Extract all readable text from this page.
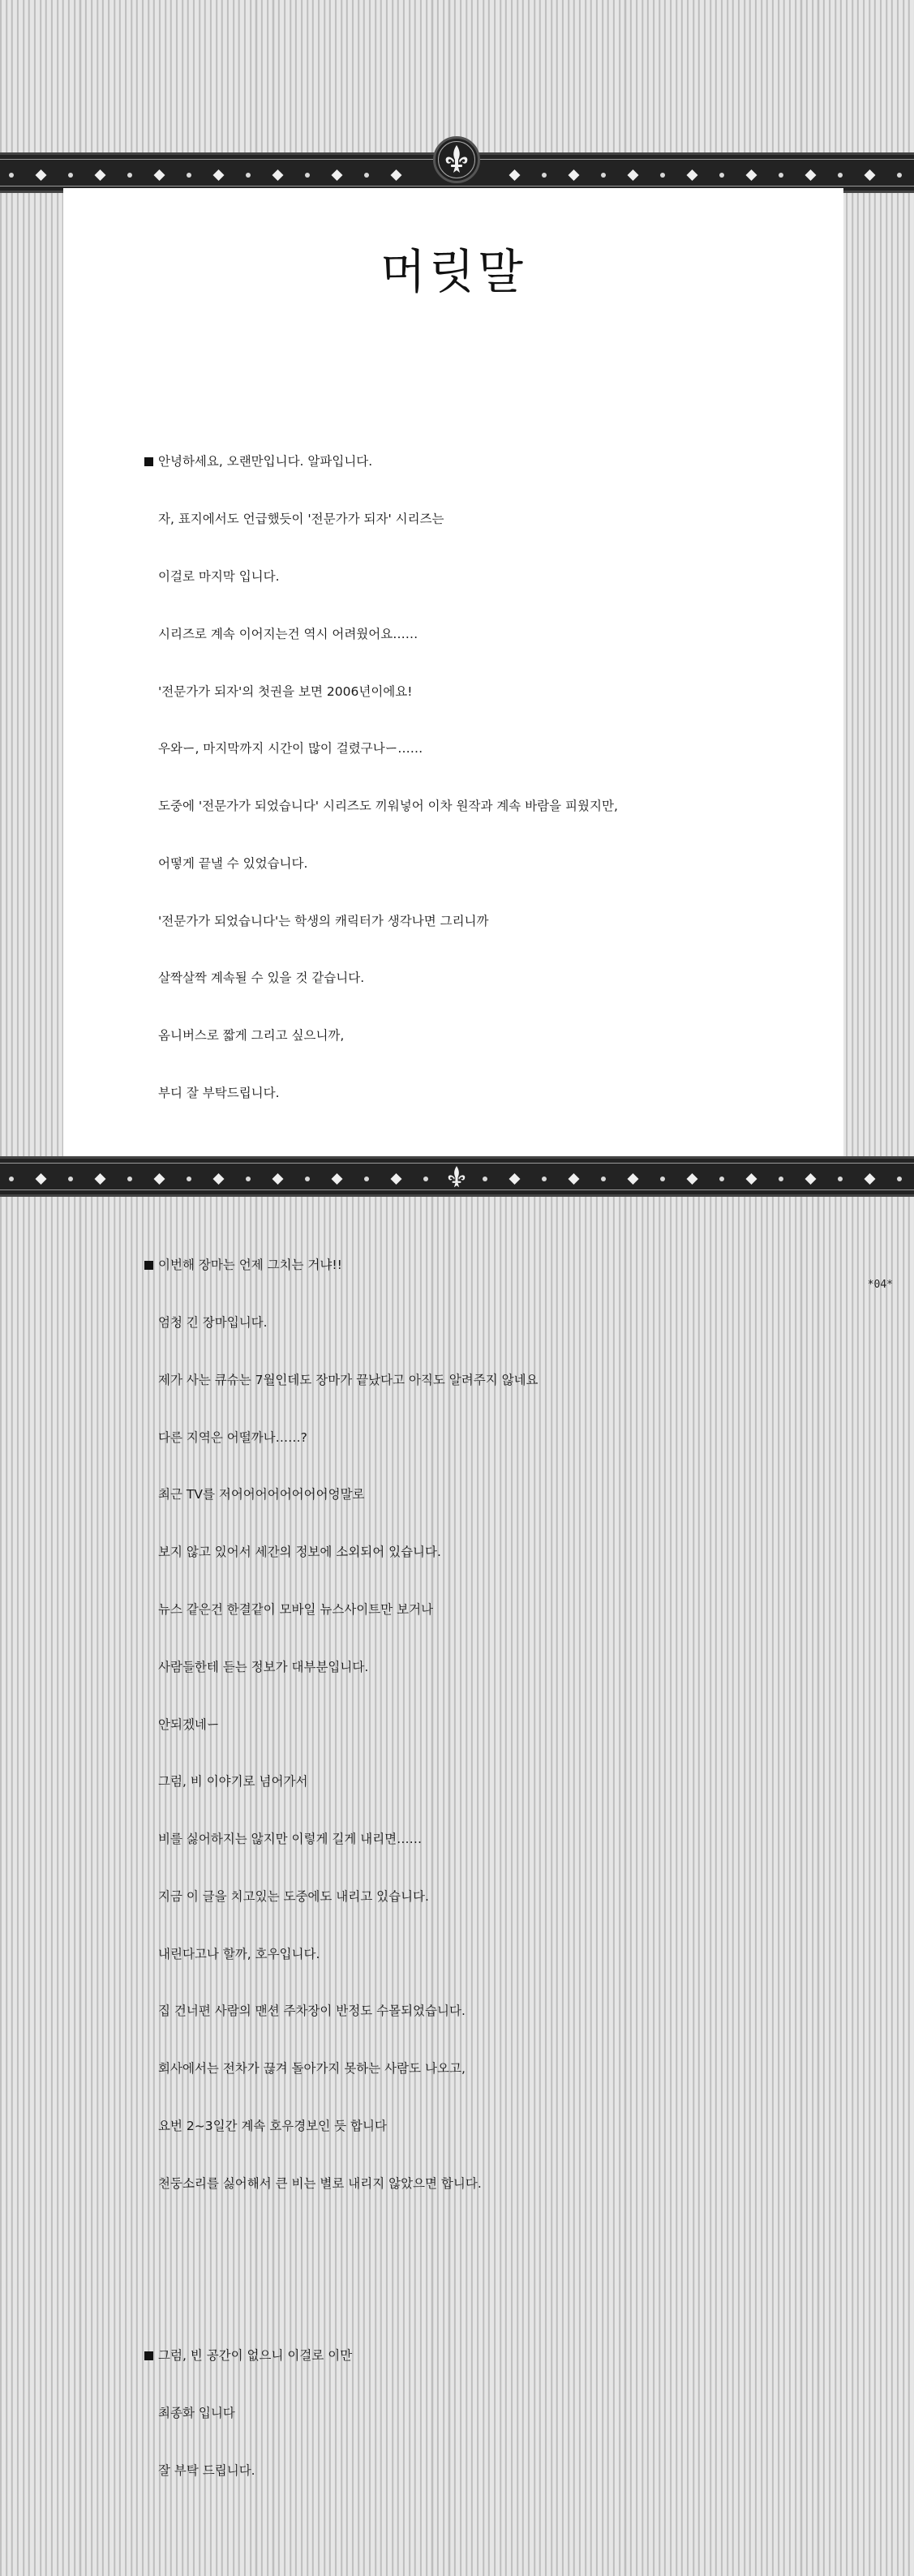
머릿말

안녕하세요, 오랜만입니다. 알파입니다.

자, 표지에서도 언급했듯이 '전문가가 되자' 시리즈는

이걸로 마지막 입니다.

시리즈로 계속 이어지는건 역시 어려웠어요……

'전문가가 되자'의 첫권을 보면 2006년이에요!

우와ー, 마지막까지 시간이 많이 걸렸구나ー……

도중에 '전문가가 되었습니다' 시리즈도 끼워넣어 이차 원작과 계속 바람을 피웠지만,

어떻게 끝낼 수 있었습니다.

'전문가가 되었습니다'는 학생의 캐릭터가 생각나면 그리니까

살짝살짝 계속될 수 있을 것 같습니다.

옴니버스로 짧게 그리고 싶으니까,

부디 잘 부탁드립니다.

이번해 장마는 언제 그치는 거냐!!

엄청 긴 장마입니다.

제가 사는 큐슈는 7월인데도 장마가 끝났다고 아직도 알려주지 않네요

다른 지역은 어떨까나……?

최근 TV를 저어어어어어어어어엉말로

보지 않고 있어서 세간의 정보에 소외되어 있습니다.

뉴스 같은건 한결같이 모바일 뉴스사이트만 보거나

사람들한테 듣는 정보가 대부분입니다.

안되겠네ー

그럼, 비 이야기로 넘어가서

비를 싫어하지는 않지만 이렇게 길게 내리면……

지금 이 글을 치고있는 도중에도 내리고 있습니다.

내린다고나 할까, 호우입니다.

집 건너편 사람의 맨션 주차장이 반정도 수몰되었습니다.

회사에서는 전차가 끊겨 돌아가지 못하는 사람도 나오고,

요번 2~3일간 계속 호우경보인 듯 합니다

천둥소리를 싫어해서 큰 비는 별로 내리지 않았으면 합니다.

그럼, 빈 공간이 없으니 이걸로 이만

최종화 입니다

잘 부탁 드립니다.

*04*
